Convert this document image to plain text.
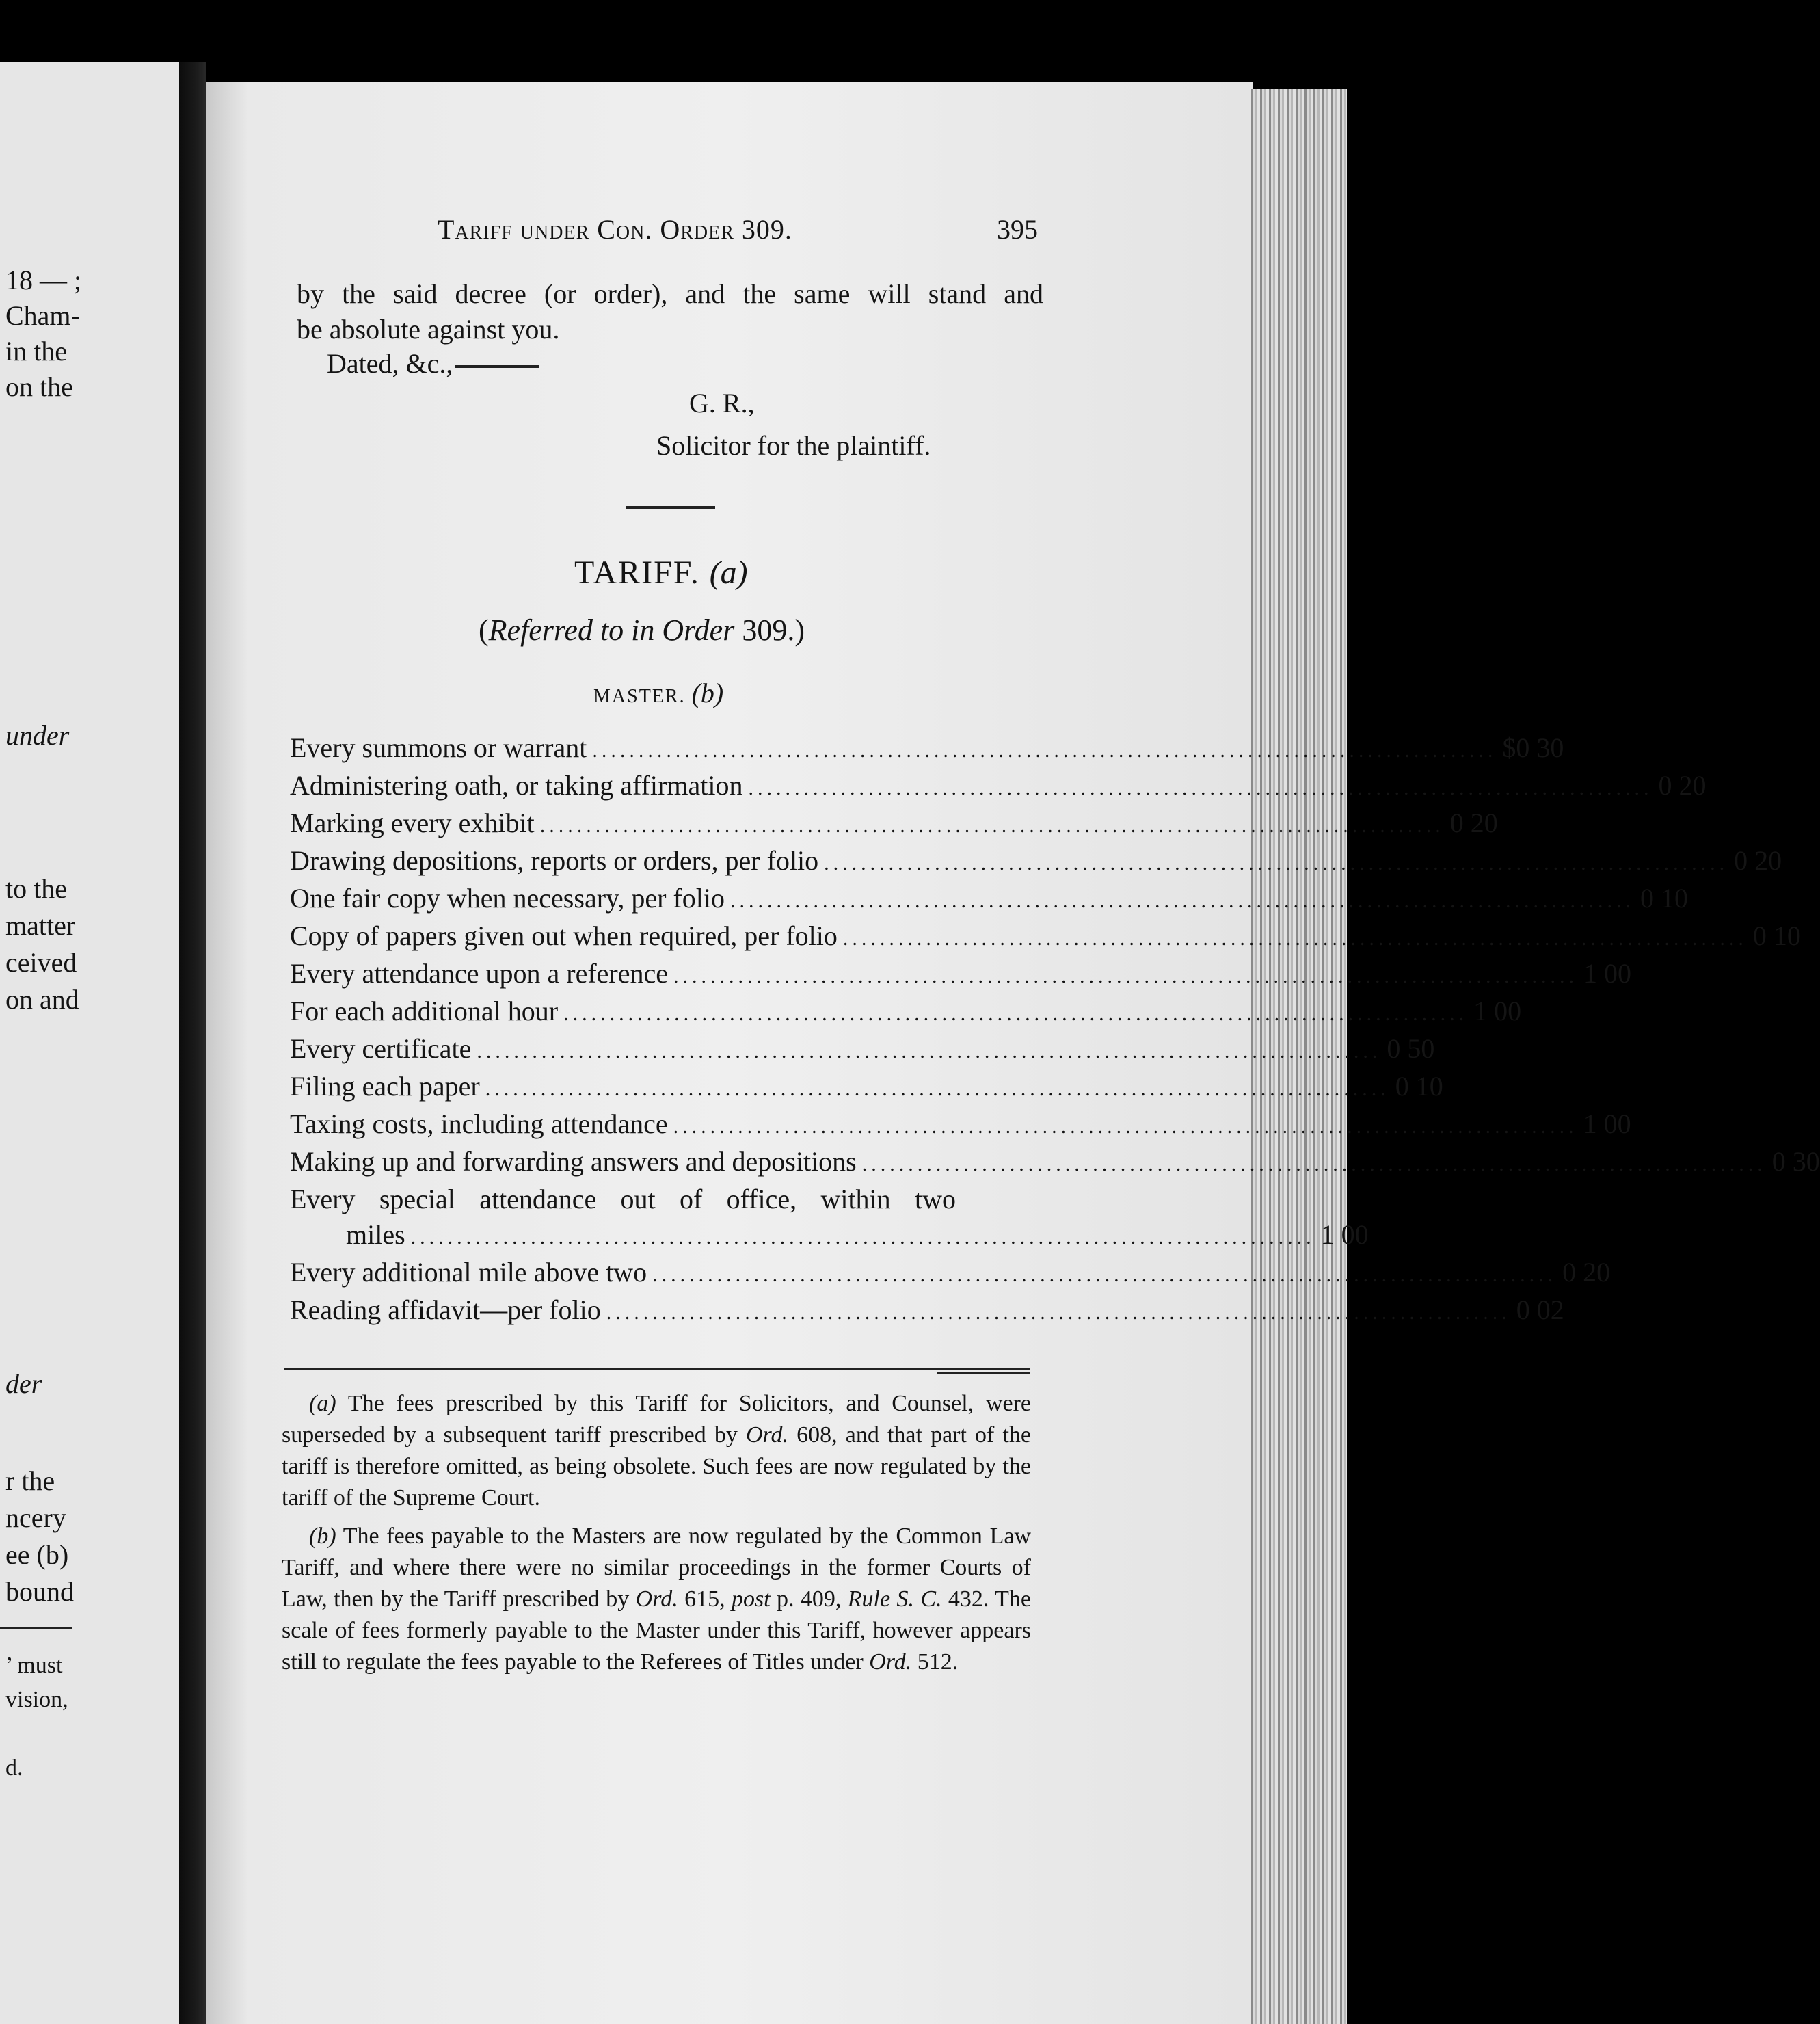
18 — ;
Cham-
in the
on the
under
to the
matter
ceived
on and
der
r the
ncery
ee (b)
bound
’ must
vision,
d.
Tariff under Con. Order 309.	395
by the said decree (or order), and the same will stand and
be absolute against you.
Dated, &c.,
G. R.,
Solicitor for the plaintiff.
TARIFF. (a)
(Referred to in Order 309.)
MASTER. (b)
Every summons or warrant .................................................................................................. $0 30
Administering oath, or taking affirmation .................................................................................................. 0 20
Marking every exhibit .................................................................................................. 0 20
Drawing depositions, reports or orders, per folio .................................................................................................. 0 20
One fair copy when necessary, per folio .................................................................................................. 0 10
Copy of papers given out when required, per folio .................................................................................................. 0 10
Every attendance upon a reference .................................................................................................. 1 00
For each additional hour .................................................................................................. 1 00
Every certificate .................................................................................................. 0 50
Filing each paper .................................................................................................. 0 10
Taxing costs, including attendance .................................................................................................. 1 00
Making up and forwarding answers and depositions .................................................................................................. 0 30
Every special attendance out of office, within two
miles .................................................................................................. 1 00
Every additional mile above two .................................................................................................. 0 20
Reading affidavit—per folio .................................................................................................. 0 02

(a) The fees prescribed by this Tariff for Solicitors, and Counsel, were superseded by a subsequent tariff prescribed by Ord. 608, and that part of the tariff is therefore omitted, as being obsolete. Such fees are now regulated by the tariff of the Supreme Court.

(b) The fees payable to the Masters are now regulated by the Common Law Tariff, and where there were no similar proceedings in the former Courts of Law, then by the Tariff prescribed by Ord. 615, post p. 409, Rule S. C. 432. The scale of fees formerly payable to the Master under this Tariff, however appears still to regulate the fees payable to the Referees of Titles under Ord. 512.
